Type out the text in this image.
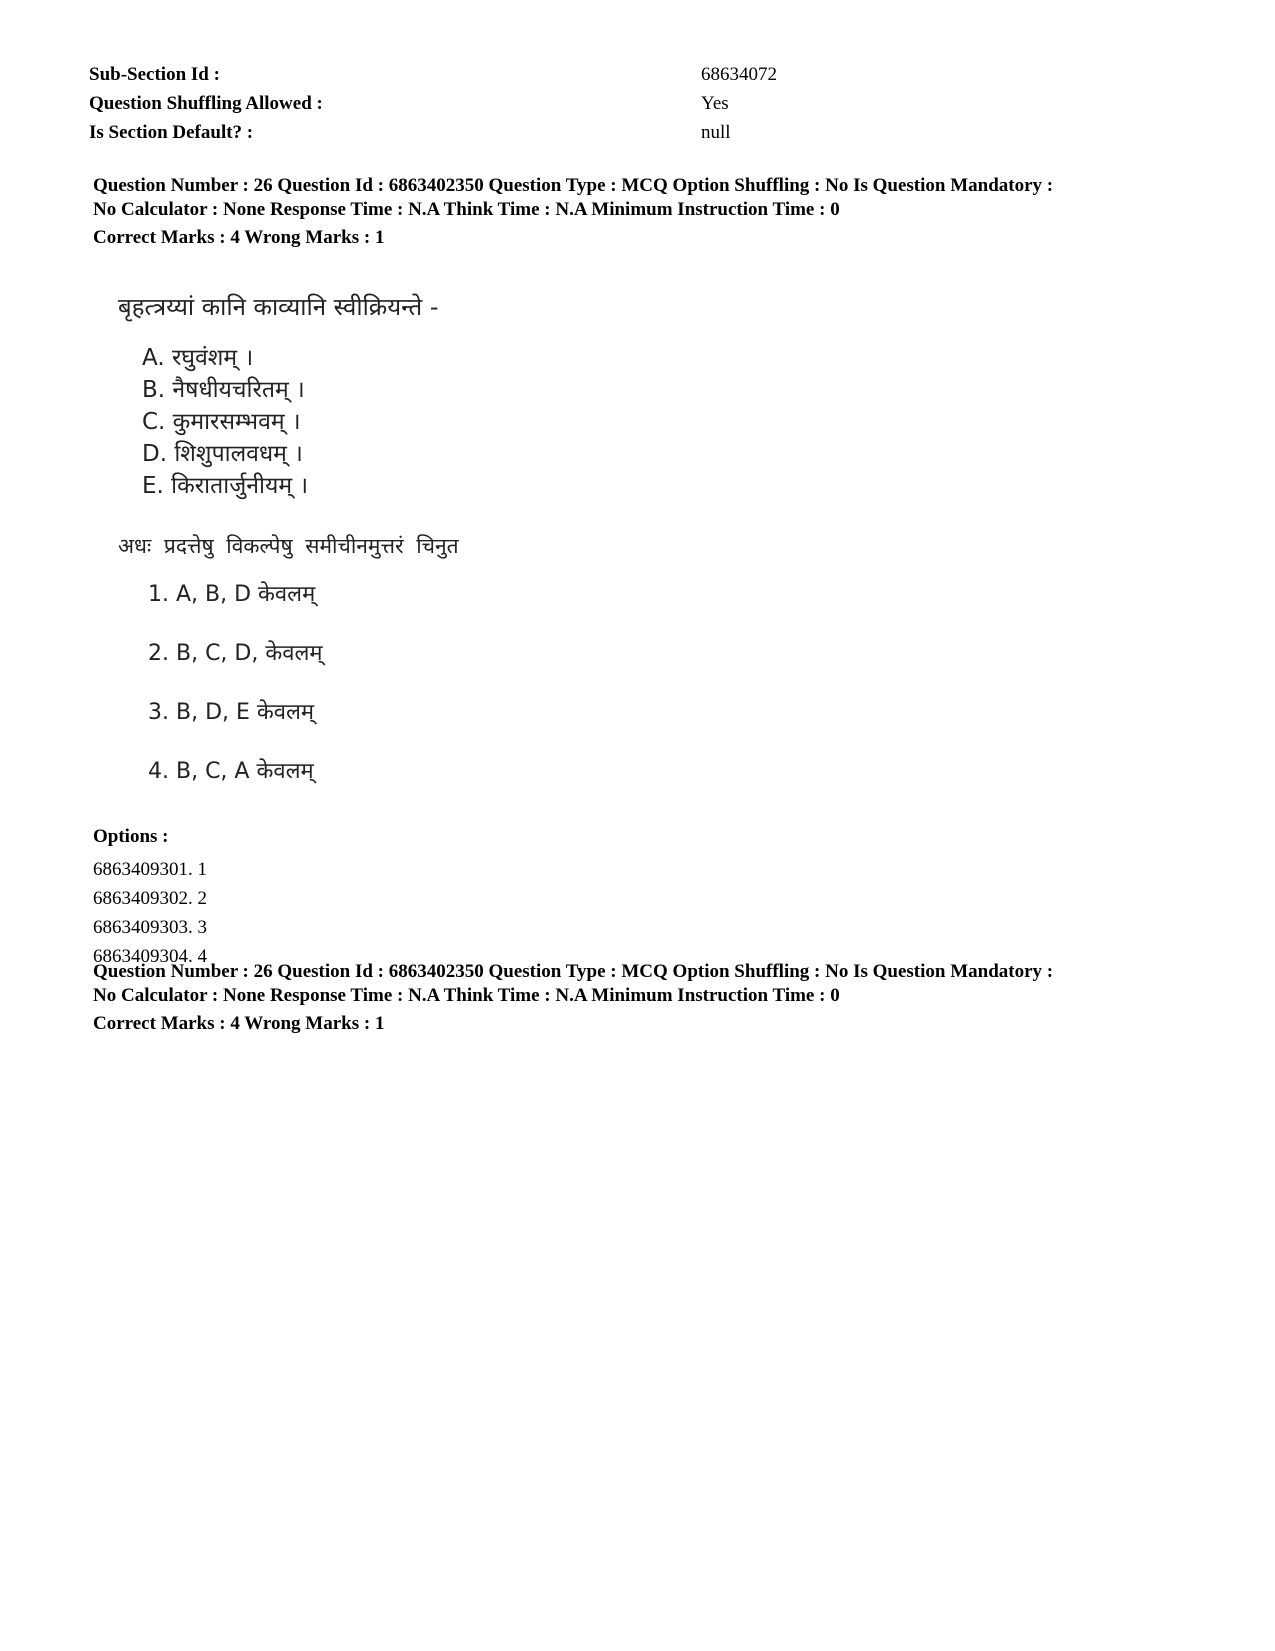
Sub-Section Id :	68634072
Question Shuffling Allowed :	Yes
Is Section Default? :	null
Question Number : 26 Question Id : 6863402350 Question Type : MCQ Option Shuffling : No Is Question Mandatory :
No Calculator : None Response Time : N.A Think Time : N.A Minimum Instruction Time : 0
Correct Marks : 4 Wrong Marks : 1
बृहत्त्रय्यां कानि काव्यानि स्वीक्रियन्ते -
A. रघुवंशम् ।
B. नैषधीयचरितम् ।
C. कुमारसम्भवम् ।
D. शिशुपालवधम् ।
E. किरातार्जुनीयम् ।
अधः प्रदत्तेषु विकल्पेषु समीचीनमुत्तरं चिनुत
1. A, B, D केवलम्
2. B, C, D, केवलम्
3. B, D, E केवलम्
4. B, C, A केवलम्
Options :
6863409301. 1
6863409302. 2
6863409303. 3
6863409304. 4
Question Number : 26 Question Id : 6863402350 Question Type : MCQ Option Shuffling : No Is Question Mandatory :
No Calculator : None Response Time : N.A Think Time : N.A Minimum Instruction Time : 0
Correct Marks : 4 Wrong Marks : 1
